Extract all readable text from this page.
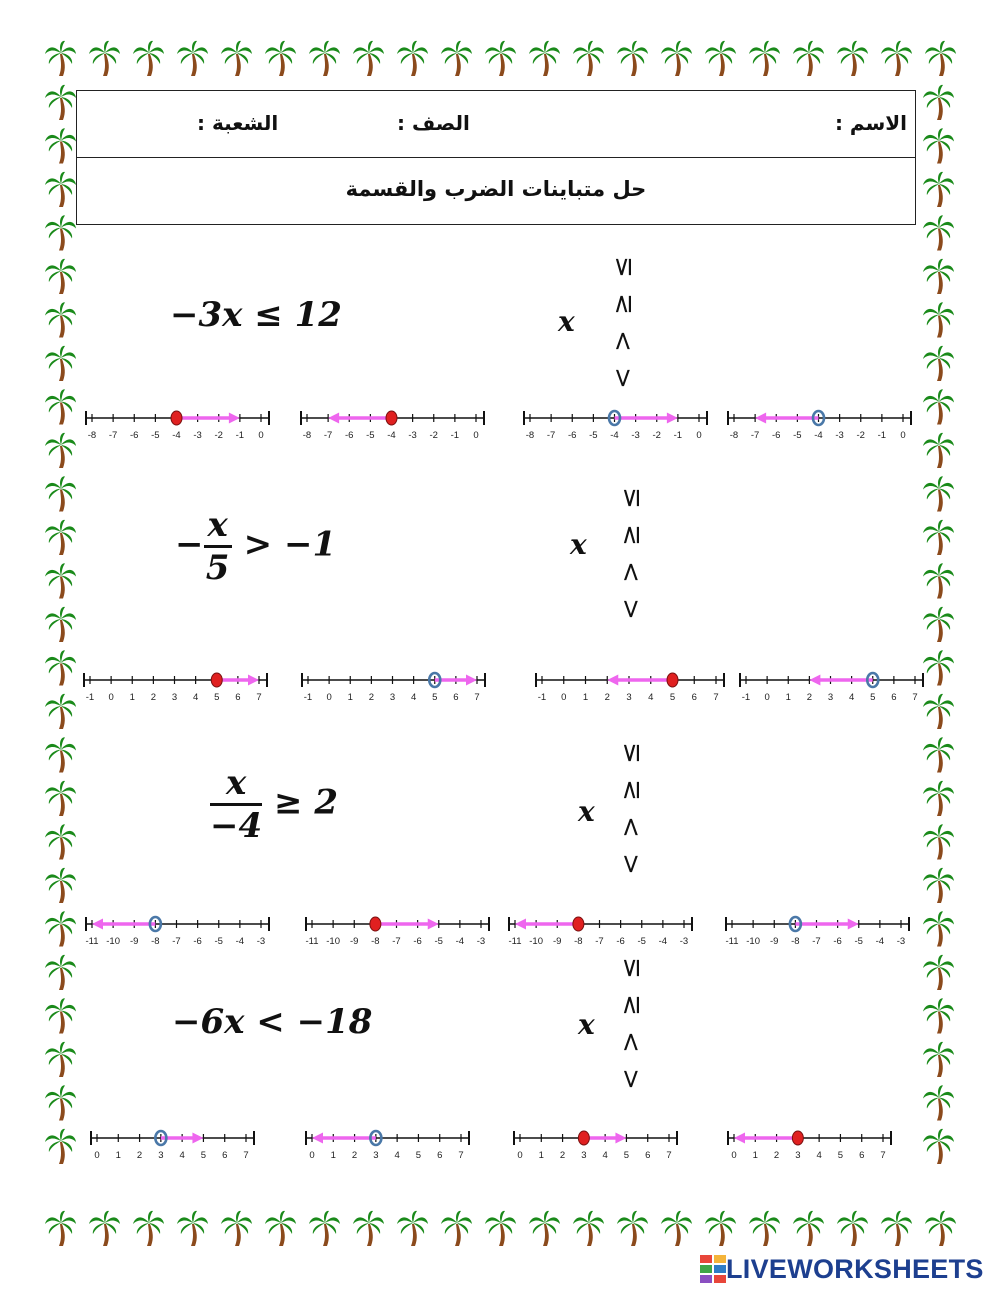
الاسم :
الصف :
الشعبة :
حل متباينات الضرب والقسمة
−3x ≤ 12	x
≤
≥
>
<
− $\frac{x}{5} > -1$	x
≤
≥
>
<
$\frac{x}{-4} \ge 2$	x
≤
≥
>
<
−6x < −18	x
≤
≥
>
<
-8 -7 -6 -5 -4 -3 -2 -1 0	-8 -7 -6 -5 -4 -3 -2 -1 0	-8 -7 -6 -5 -4 -3 -2 -1 0	-8 -7 -6 -5 -4 -3 -2 -1 0
-1 0 1 2 3 4 5 6 7	-1 0 1 2 3 4 5 6 7	-1 0 1 2 3 4 5 6 7 -1 0 1 2 3 4 5 6 7
-11 -10 -9 -8 -7 -6 -5 -4 -3	-11 -10 -9 -8 -7 -6 -5 -4 -3 -11 -10 -9 -8 -7 -6 -5 -4 -3	-11 -10 -9 -8 -7 -6 -5 -4 -3
0 1 2 3 4 5 6 7	0 1 2 3 4 5 6 7	0 1 2 3 4 5 6 7	0 1 2 3 4 5 6 7
LIVEWORKSHEETS
